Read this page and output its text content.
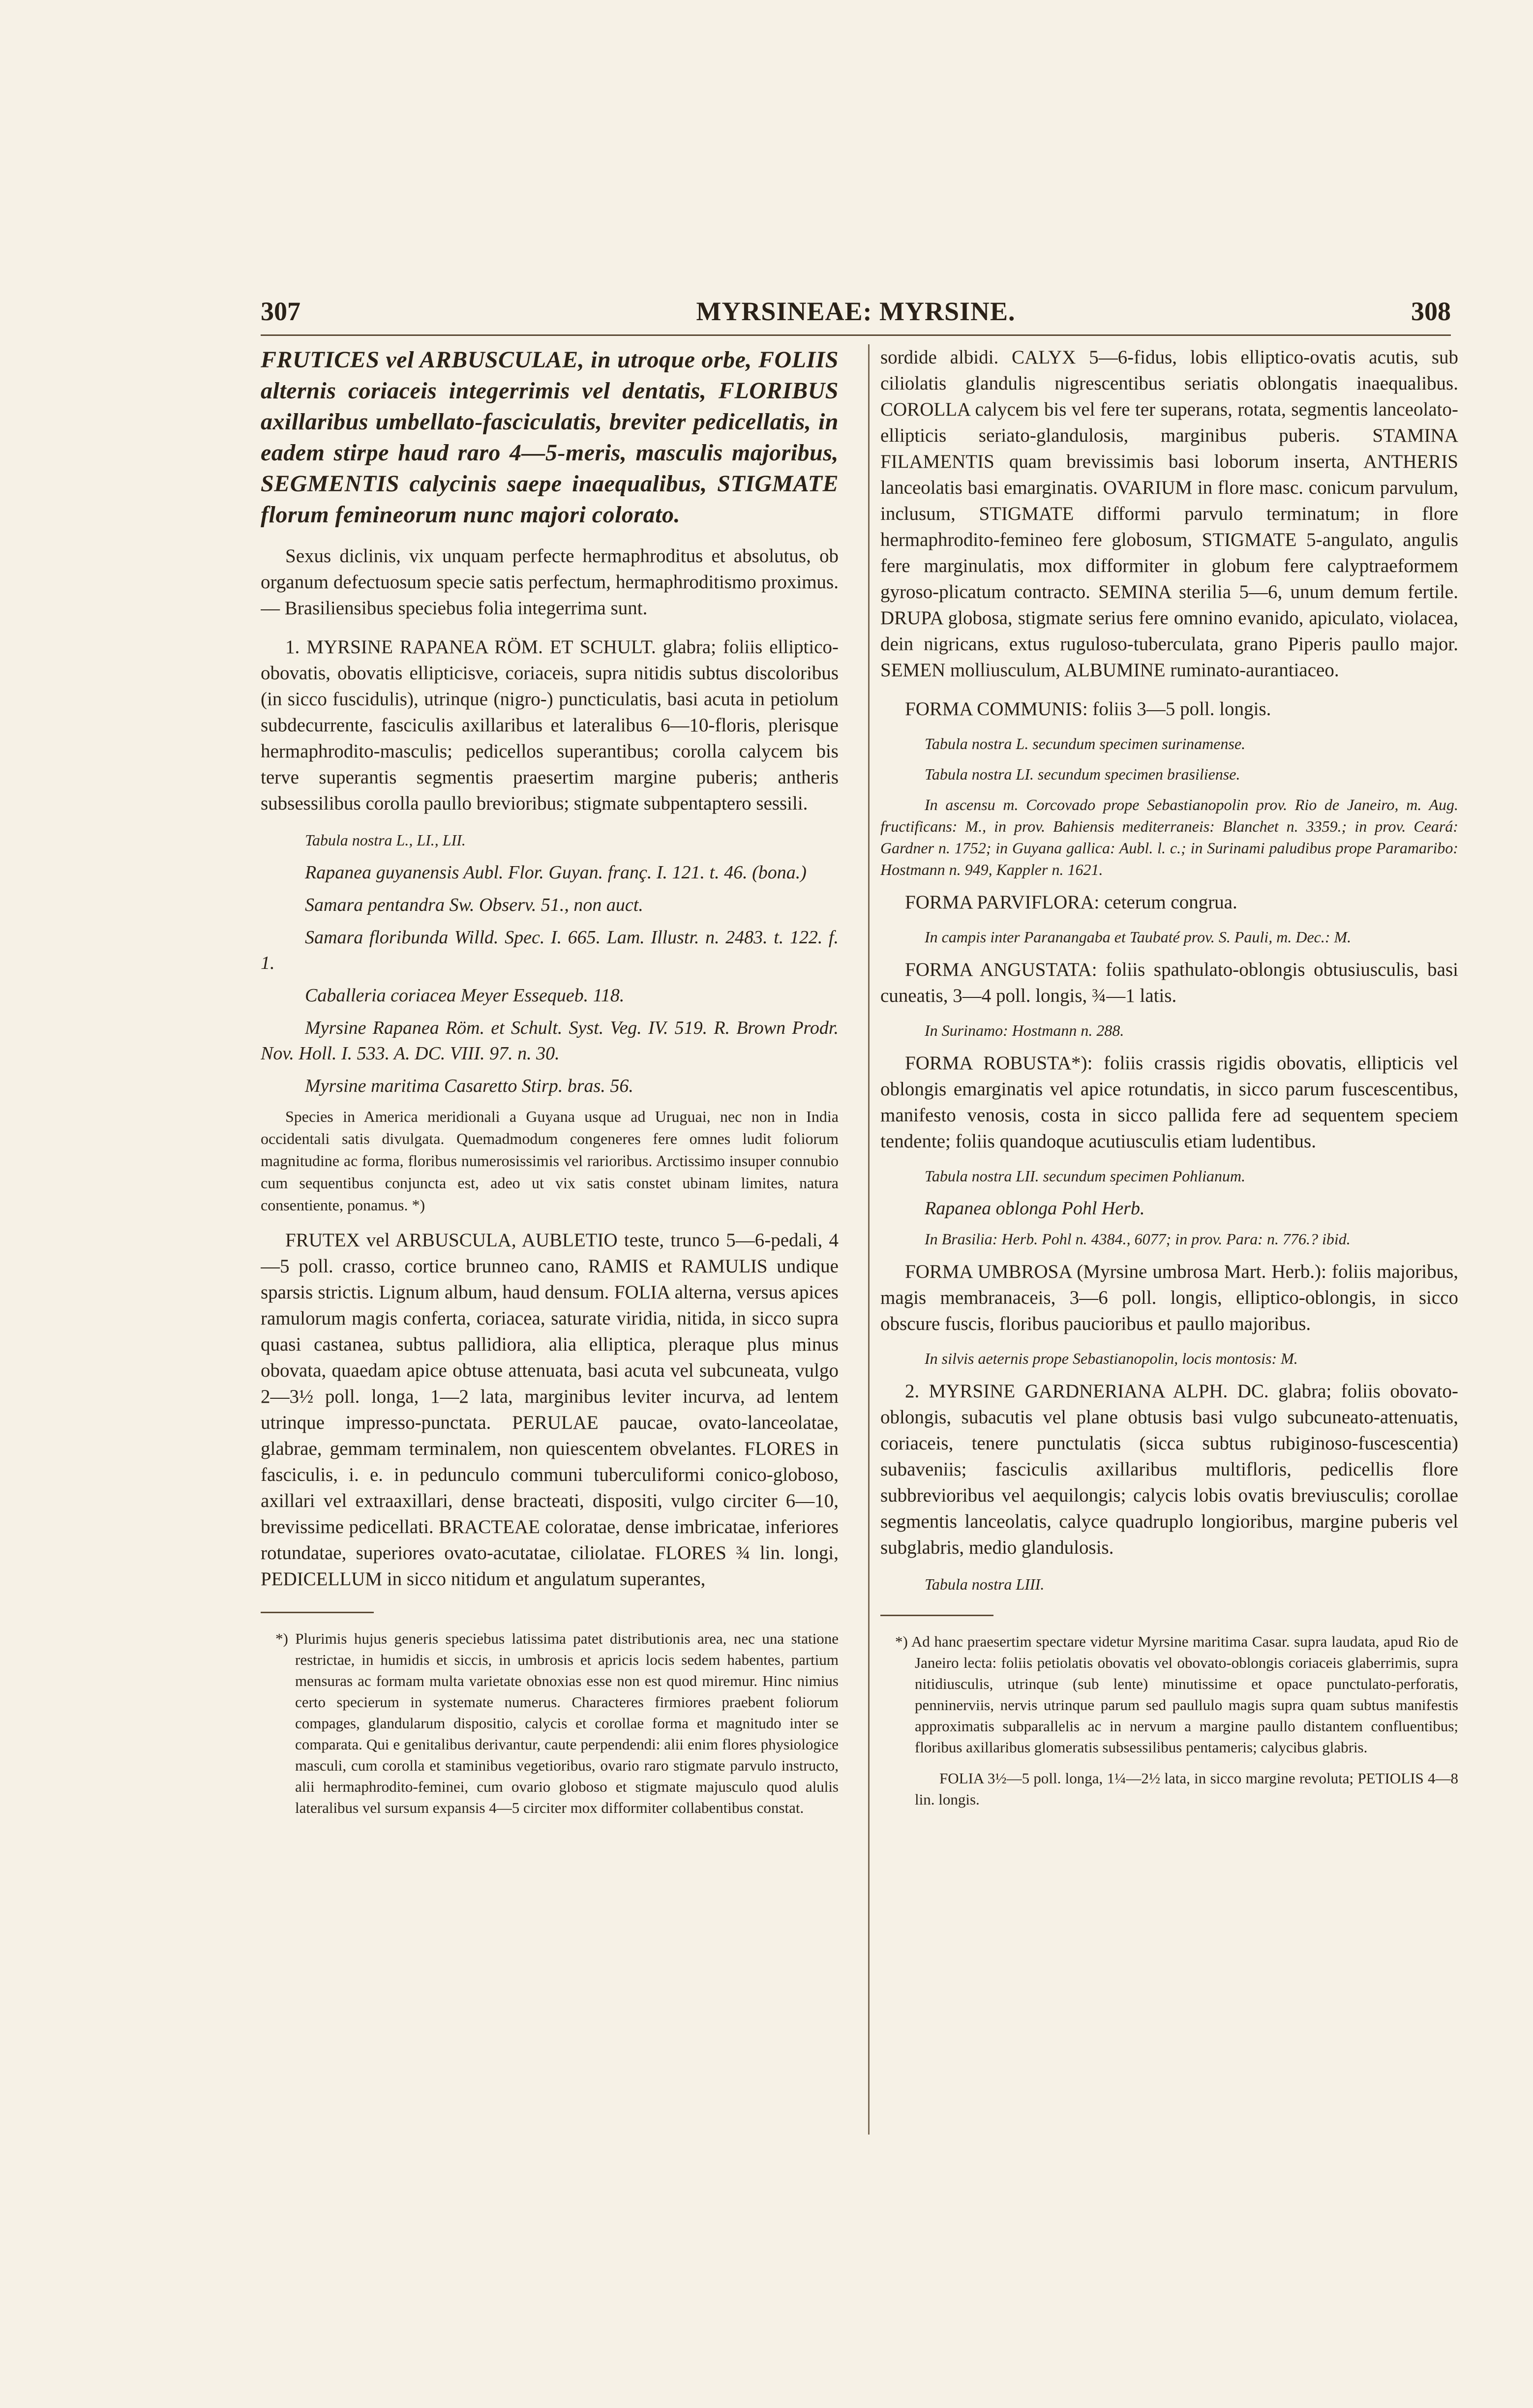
307	MYRSINEAE: MYRSINE.	308

FRUTICES vel ARBUSCULAE, in utroque orbe, FOLIIS alternis coriaceis integerrimis vel dentatis, FLORIBUS axillaribus umbellato-fasciculatis, breviter pedicellatis, in eadem stirpe haud raro 4—5-meris, masculis majoribus, SEGMENTIS calycinis saepe inaequalibus, STIGMATE florum femineorum nunc majori colorato.

Sexus diclinis, vix unquam perfecte hermaphroditus et absolutus, ob organum defectuosum specie satis perfectum, hermaphroditismo proximus. — Brasiliensibus speciebus folia integerrima sunt.

1. MYRSINE RAPANEA RÖM. ET SCHULT. glabra; foliis elliptico-obovatis, obovatis ellipticisve, coriaceis, supra nitidis subtus discoloribus (in sicco fuscidulis), utrinque (nigro-) puncticulatis, basi acuta in petiolum subdecurrente, fasciculis axillaribus et lateralibus 6—10-floris, plerisque hermaphrodito-masculis; pedicellos superantibus; corolla calycem bis terve superantis segmentis praesertim margine puberis; antheris subsessilibus corolla paullo brevioribus; stigmate subpentaptero sessili.

Tabula nostra L., LI., LII.

Rapanea guyanensis Aubl. Flor. Guyan. franç. I. 121. t. 46. (bona.)

Samara pentandra Sw. Observ. 51., non auct.

Samara floribunda Willd. Spec. I. 665. Lam. Illustr. n. 2483. t. 122. f. 1.

Caballeria coriacea Meyer Essequeb. 118.

Myrsine Rapanea Röm. et Schult. Syst. Veg. IV. 519. R. Brown Prodr. Nov. Holl. I. 533. A. DC. VIII. 97. n. 30.

Myrsine maritima Casaretto Stirp. bras. 56.

Species in America meridionali a Guyana usque ad Uruguai, nec non in India occidentali satis divulgata. Quemadmodum congeneres fere omnes ludit foliorum magnitudine ac forma, floribus numerosissimis vel rarioribus. Arctissimo insuper connubio cum sequentibus conjuncta est, adeo ut vix satis constet ubinam limites, natura consentiente, ponamus. *)

FRUTEX vel ARBUSCULA, AUBLETIO teste, trunco 5—6-pedali, 4—5 poll. crasso, cortice brunneo cano, RAMIS et RAMULIS undique sparsis strictis. Lignum album, haud densum. FOLIA alterna, versus apices ramulorum magis conferta, coriacea, saturate viridia, nitida, in sicco supra quasi castanea, subtus pallidiora, alia elliptica, pleraque plus minus obovata, quaedam apice obtuse attenuata, basi acuta vel subcuneata, vulgo 2—3½ poll. longa, 1—2 lata, marginibus leviter incurva, ad lentem utrinque impresso-punctata. PERULAE paucae, ovato-lanceolatae, glabrae, gemmam terminalem, non quiescentem obvelantes. FLORES in fasciculis, i. e. in pedunculo communi tuberculiformi conico-globoso, axillari vel extraaxillari, dense bracteati, dispositi, vulgo circiter 6—10, brevissime pedicellati. BRACTEAE coloratae, dense imbricatae, inferiores rotundatae, superiores ovato-acutatae, ciliolatae. FLORES ¾ lin. longi, PEDICELLUM in sicco nitidum et angulatum superantes,

*) Plurimis hujus generis speciebus latissima patet distributionis area, nec una statione restrictae, in humidis et siccis, in umbrosis et apricis locis sedem habentes, partium mensuras ac formam multa varietate obnoxias esse non est quod miremur. Hinc nimius certo specierum in systemate numerus. Characteres firmiores praebent foliorum compages, glandularum dispositio, calycis et corollae forma et magnitudo inter se comparata. Qui e genitalibus derivantur, caute perpendendi: alii enim flores physiologice masculi, cum corolla et staminibus vegetioribus, ovario raro stigmate parvulo instructo, alii hermaphrodito-feminei, cum ovario globoso et stigmate majusculo quod alulis lateralibus vel sursum expansis 4—5 circiter mox difformiter collabentibus constat.

sordide albidi. CALYX 5—6-fidus, lobis elliptico-ovatis acutis, sub ciliolatis glandulis nigrescentibus seriatis oblongatis inaequalibus. COROLLA calycem bis vel fere ter superans, rotata, segmentis lanceolato-ellipticis seriato-glandulosis, marginibus puberis. STAMINA FILAMENTIS quam brevissimis basi loborum inserta, ANTHERIS lanceolatis basi emarginatis. OVARIUM in flore masc. conicum parvulum, inclusum, STIGMATE difformi parvulo terminatum; in flore hermaphrodito-femineo fere globosum, STIGMATE 5-angulato, angulis fere marginulatis, mox difformiter in globum fere calyptraeformem gyroso-plicatum contracto. SEMINA sterilia 5—6, unum demum fertile. DRUPA globosa, stigmate serius fere omnino evanido, apiculato, violacea, dein nigricans, extus ruguloso-tuberculata, grano Piperis paullo major. SEMEN molliusculum, ALBUMINE ruminato-aurantiaceo.

FORMA COMMUNIS: foliis 3—5 poll. longis.

Tabula nostra L. secundum specimen surinamense.

Tabula nostra LI. secundum specimen brasiliense.

In ascensu m. Corcovado prope Sebastianopolin prov. Rio de Janeiro, m. Aug. fructificans: M., in prov. Bahiensis mediterraneis: Blanchet n. 3359.; in prov. Ceará: Gardner n. 1752; in Guyana gallica: Aubl. l. c.; in Surinami paludibus prope Paramaribo: Hostmann n. 949, Kappler n. 1621.

FORMA PARVIFLORA: ceterum congrua.

In campis inter Paranangaba et Taubaté prov. S. Pauli, m. Dec.: M.

FORMA ANGUSTATA: foliis spathulato-oblongis obtusiusculis, basi cuneatis, 3—4 poll. longis, ¾—1 latis.

In Surinamo: Hostmann n. 288.

FORMA ROBUSTA*): foliis crassis rigidis obovatis, ellipticis vel oblongis emarginatis vel apice rotundatis, in sicco parum fuscescentibus, manifesto venosis, costa in sicco pallida fere ad sequentem speciem tendente; foliis quandoque acutiusculis etiam ludentibus.

Tabula nostra LII. secundum specimen Pohlianum.

Rapanea oblonga Pohl Herb.

In Brasilia: Herb. Pohl n. 4384., 6077; in prov. Para: n. 776.? ibid.

FORMA UMBROSA (Myrsine umbrosa Mart. Herb.): foliis majoribus, magis membranaceis, 3—6 poll. longis, elliptico-oblongis, in sicco obscure fuscis, floribus paucioribus et paullo majoribus.

In silvis aeternis prope Sebastianopolin, locis montosis: M.

2. MYRSINE GARDNERIANA ALPH. DC. glabra; foliis obovato-oblongis, subacutis vel plane obtusis basi vulgo subcuneato-attenuatis, coriaceis, tenere punctulatis (sicca subtus rubiginoso-fuscescentia) subaveniis; fasciculis axillaribus multifloris, pedicellis flore subbrevioribus vel aequilongis; calycis lobis ovatis breviusculis; corollae segmentis lanceolatis, calyce quadruplo longioribus, margine puberis vel subglabris, medio glandulosis.

Tabula nostra LIII.

*) Ad hanc praesertim spectare videtur Myrsine maritima Casar. supra laudata, apud Rio de Janeiro lecta: foliis petiolatis obovatis vel obovato-oblongis coriaceis glaberrimis, supra nitidiusculis, utrinque (sub lente) minutissime et opace punctulato-perforatis, penninerviis, nervis utrinque parum sed paullulo magis supra quam subtus manifestis approximatis subparallelis ac in nervum a margine paullo distantem confluentibus; floribus axillaribus glomeratis subsessilibus pentameris; calycibus glabris.

FOLIA 3½—5 poll. longa, 1¼—2½ lata, in sicco margine revoluta; PETIOLIS 4—8 lin. longis.
